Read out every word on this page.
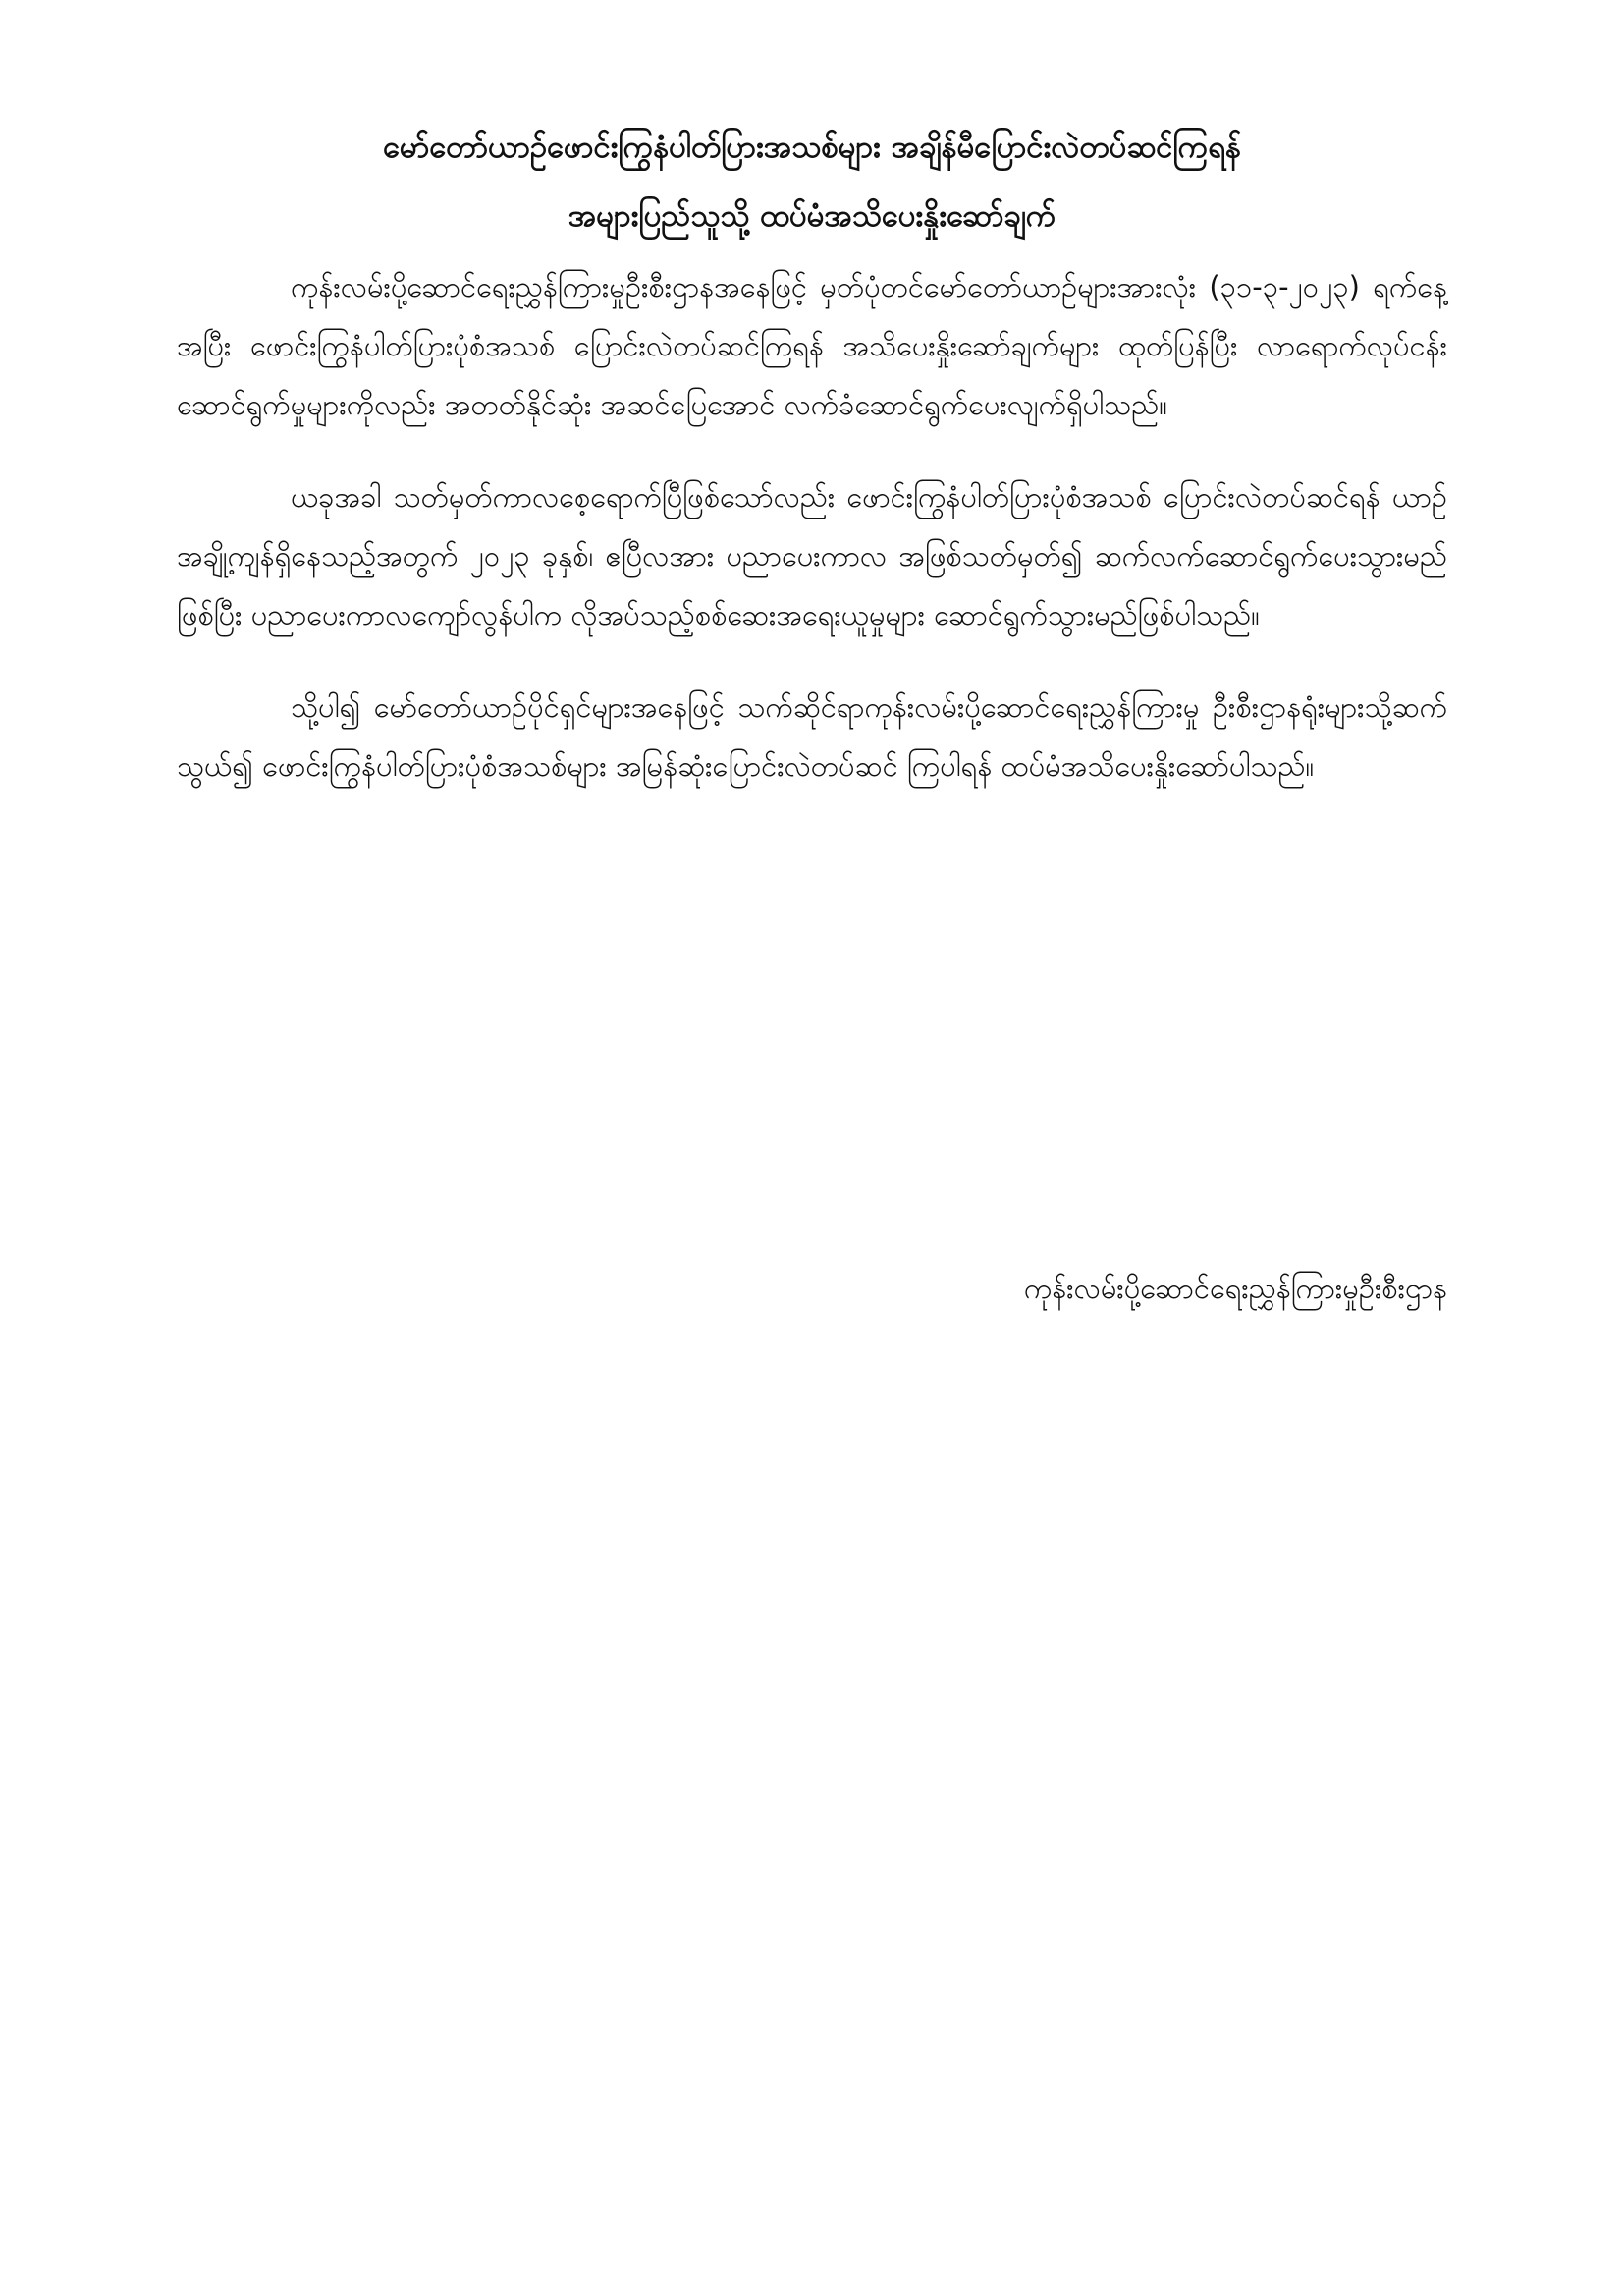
မော်တော်ယာဉ်ဖောင်းကြွနံပါတ်ပြားအသစ်များ အချိန်မီပြောင်းလဲတပ်ဆင်ကြရန်
အများပြည်သူသို့ ထပ်မံအသိပေးနှိုးဆော်ချက်

ကုန်းလမ်းပို့ဆောင်ရေးညွှန်ကြားမှုဦးစီးဌာနအနေဖြင့် မှတ်ပုံတင်မော်တော်ယာဉ်များအားလုံး (၃၁-၃-၂၀၂၃) ရက်နေ့အပြီး ဖောင်းကြွနံပါတ်ပြားပုံစံအသစ် ပြောင်းလဲတပ်ဆင်ကြရန် အသိပေးနှိုးဆော်ချက်များ ထုတ်ပြန်ပြီး လာရောက်လုပ်ငန်းဆောင်ရွက်မှုများကိုလည်း အတတ်နိုင်ဆုံး အဆင်ပြေအောင် လက်ခံဆောင်ရွက်ပေးလျက်ရှိပါသည်။

ယခုအခါ သတ်မှတ်ကာလစေ့ရောက်ပြီဖြစ်သော်လည်း ဖောင်းကြွနံပါတ်ပြားပုံစံအသစ် ပြောင်းလဲတပ်ဆင်ရန် ယာဉ်အချို့ကျန်ရှိနေသည့်အတွက် ၂၀၂၃ ခုနှစ်၊ ဧပြီလအား ပညာပေးကာလ အဖြစ်သတ်မှတ်၍ ဆက်လက်ဆောင်ရွက်ပေးသွားမည်ဖြစ်ပြီး ပညာပေးကာလကျော်လွန်ပါက လိုအပ်သည့်စစ်ဆေးအရေးယူမှုများ ဆောင်ရွက်သွားမည်ဖြစ်ပါသည်။

သို့ပါ၍ မော်တော်ယာဉ်ပိုင်ရှင်များအနေဖြင့် သက်ဆိုင်ရာကုန်းလမ်းပို့ဆောင်ရေးညွှန်ကြားမှု ဦးစီးဌာနရုံးများသို့ဆက်သွယ်၍ ဖောင်းကြွနံပါတ်ပြားပုံစံအသစ်များ အမြန်ဆုံးပြောင်းလဲတပ်ဆင် ကြပါရန် ထပ်မံအသိပေးနှိုးဆော်ပါသည်။

ကုန်းလမ်းပို့ဆောင်ရေးညွှန်ကြားမှုဦးစီးဌာန
